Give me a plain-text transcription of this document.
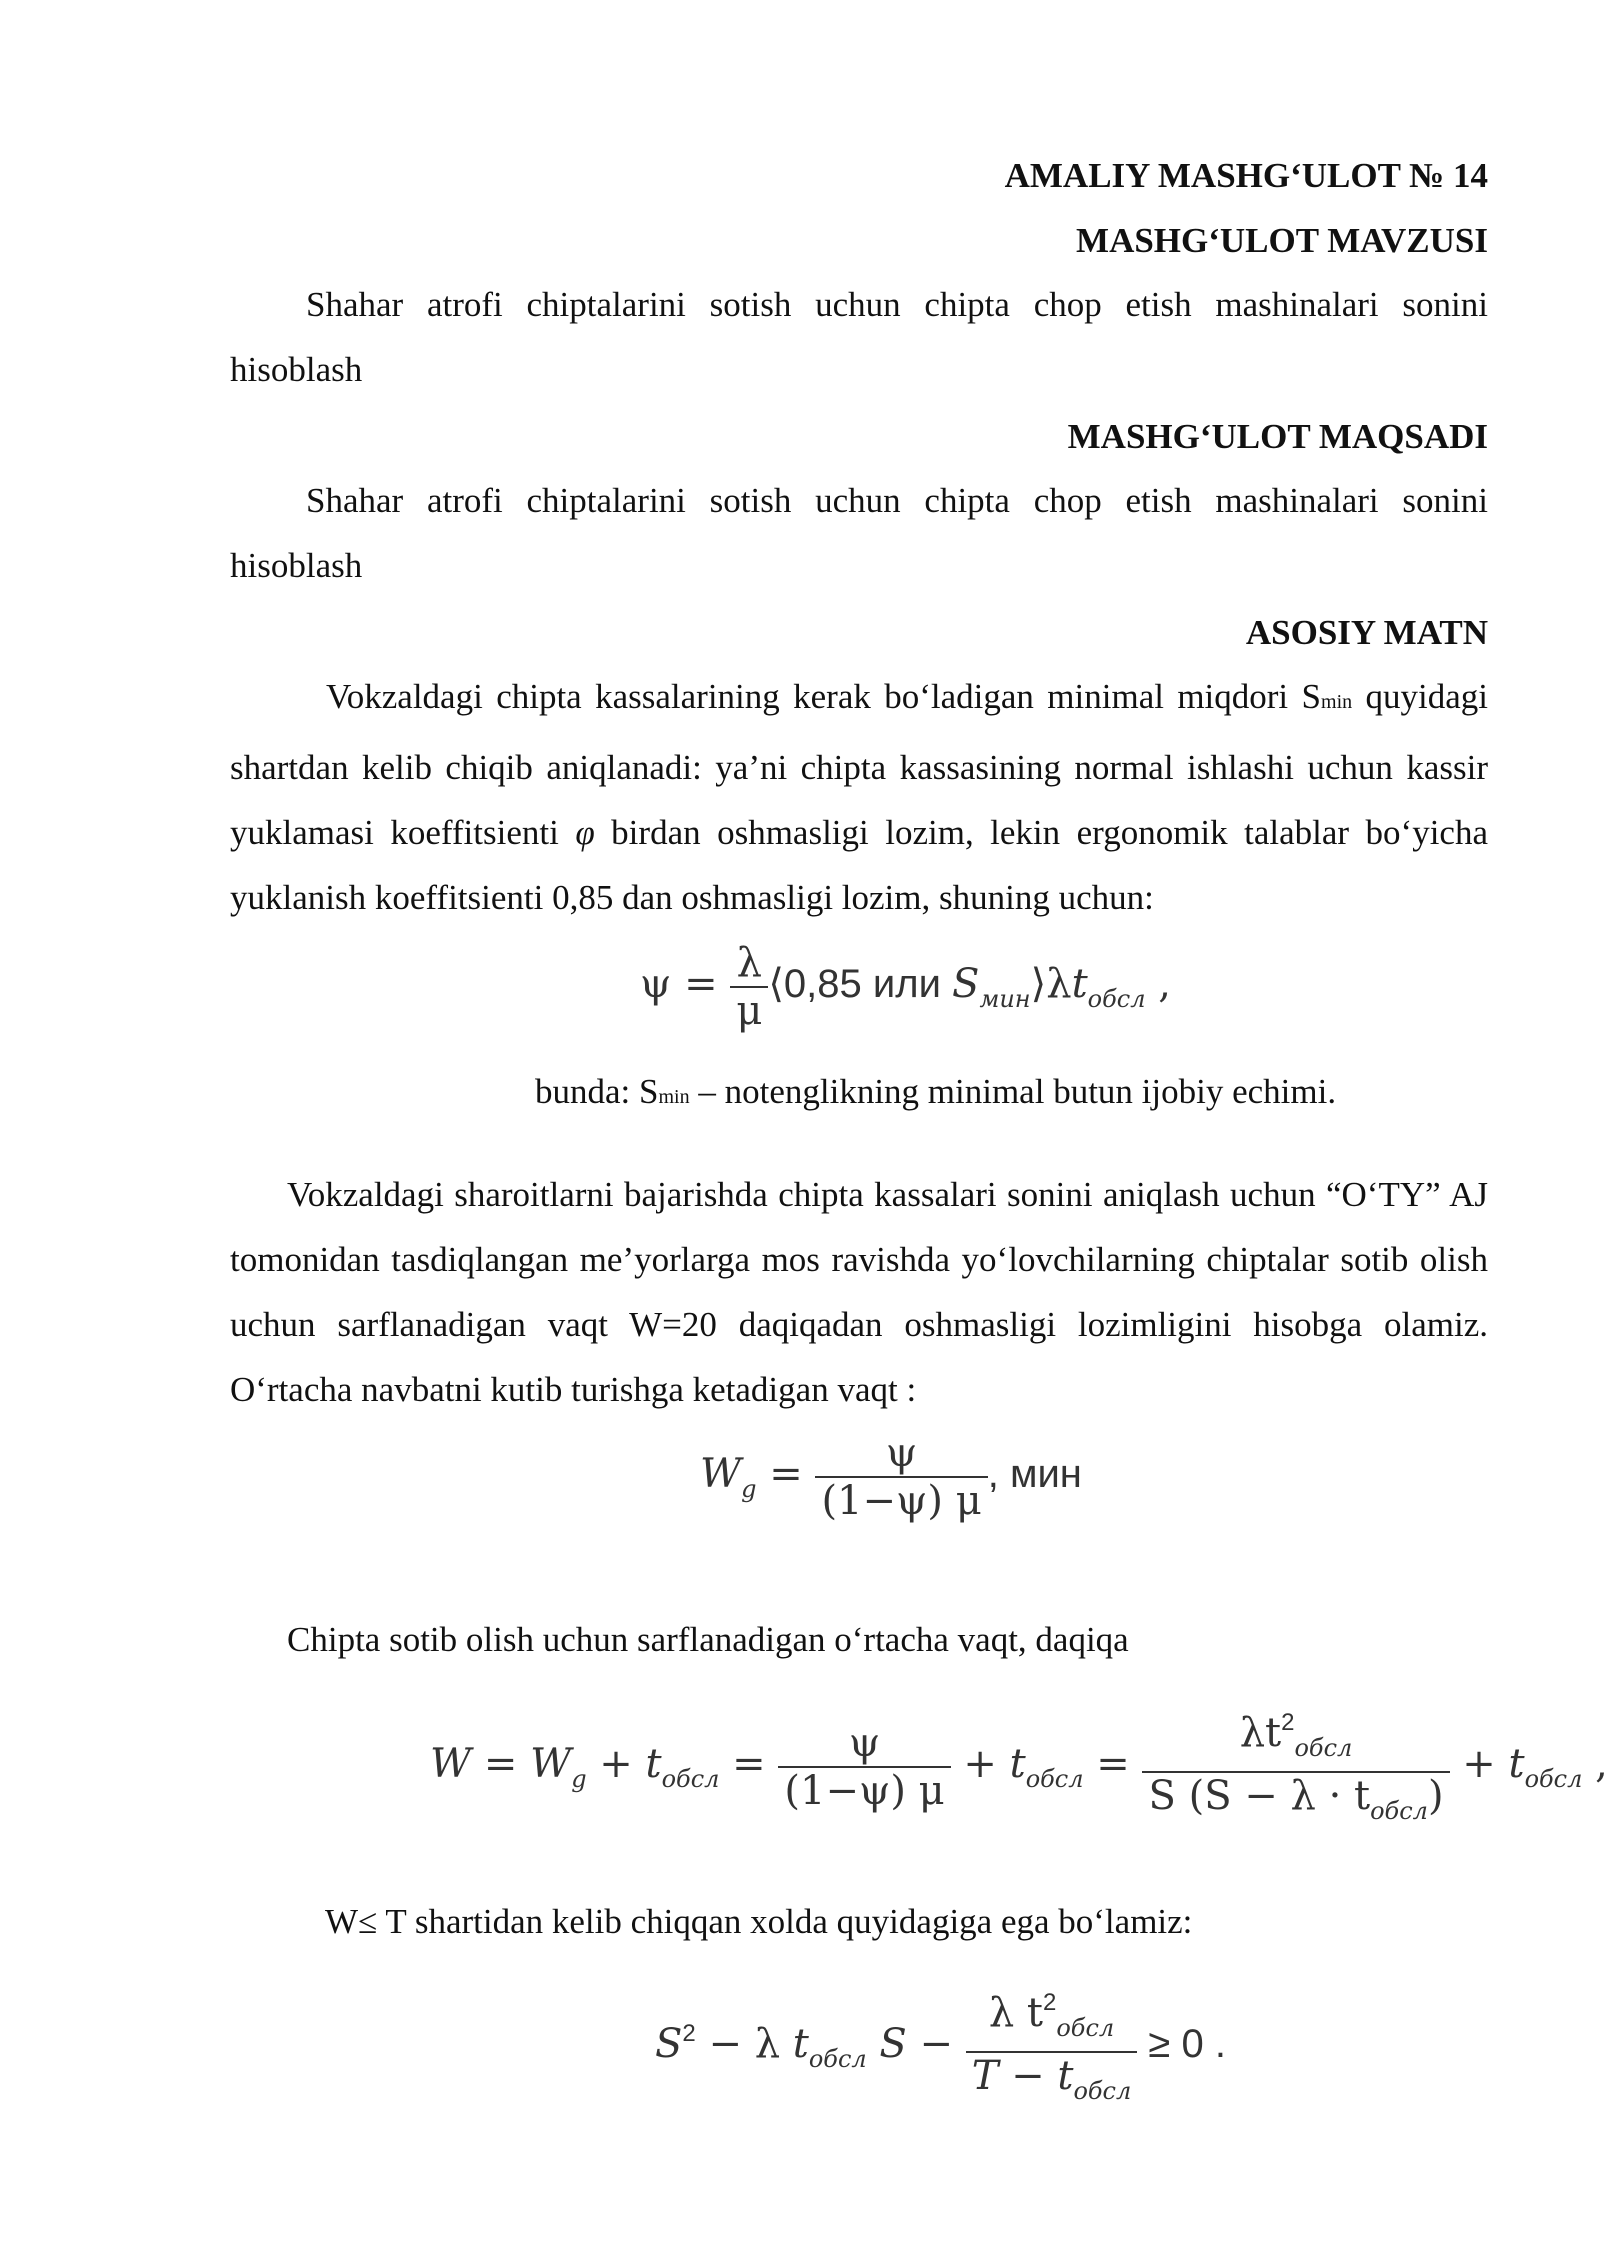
AMALIY MASHG‘ULOT № 14
MASHG‘ULOT MAVZUSI

Shahar atrofi chiptalarini sotish uchun chipta chop etish mashinalari sonini hisoblash

MASHG‘ULOT MAQSADI

Shahar atrofi chiptalarini sotish uchun chipta chop etish mashinalari sonini hisoblash

ASOSIY MATN

Vokzaldagi chipta kassalarining kerak bo‘ladigan minimal miqdori Smin quyidagi shartdan kelib chiqib aniqlanadi: ya’ni chipta kassasining normal ishlashi uchun kassir yuklamasi koeffitsienti φ birdan oshmasligi lozim, lekin ergonomik talablar bo‘yicha yuklanish koeffitsienti 0,85 dan oshmasligi lozim, shuning uchun:

$\psi = \frac{\lambda}{\mu}$ ⟨0,85 или $S_{мин}⟩\lambda t_{обсл}$ ,
bunda: Smin – notenglikning minimal butun ijobiy echimi.

Vokzaldagi sharoitlarni bajarishda chipta kassalari sonini aniqlash uchun “O‘TY” AJ tomonidan tasdiqlangan me’yorlarga mos ravishda yo‘lovchilarning chiptalar sotib olish uchun sarflanadigan vaqt W=20 daqiqadan oshmasligi lozimligini hisobga olamiz. O‘rtacha navbatni kutib turishga ketadigan vaqt :

$W_g = \frac{\psi}{(1-\psi) \mu}$ , мин
Chipta sotib olish uchun sarflanadigan o‘rtacha vaqt, daqiqa
$W = W_g + t_{обсл} = \frac{\psi}{(1-\psi) \mu} + t_{обсл} = \frac{\lambda t^2_{обсл}}{S (S - \lambda \cdot t_{обсл})} + t_{обсл}$ ,
W≤ T shartidan kelib chiqqan xolda quyidagiga ega bo‘lamiz:
$S^2 - \lambda$ $t_{обсл}$ $S - \frac{\lambda t^2_{обсл}}{T - t_{обсл}} \ge 0$ .
